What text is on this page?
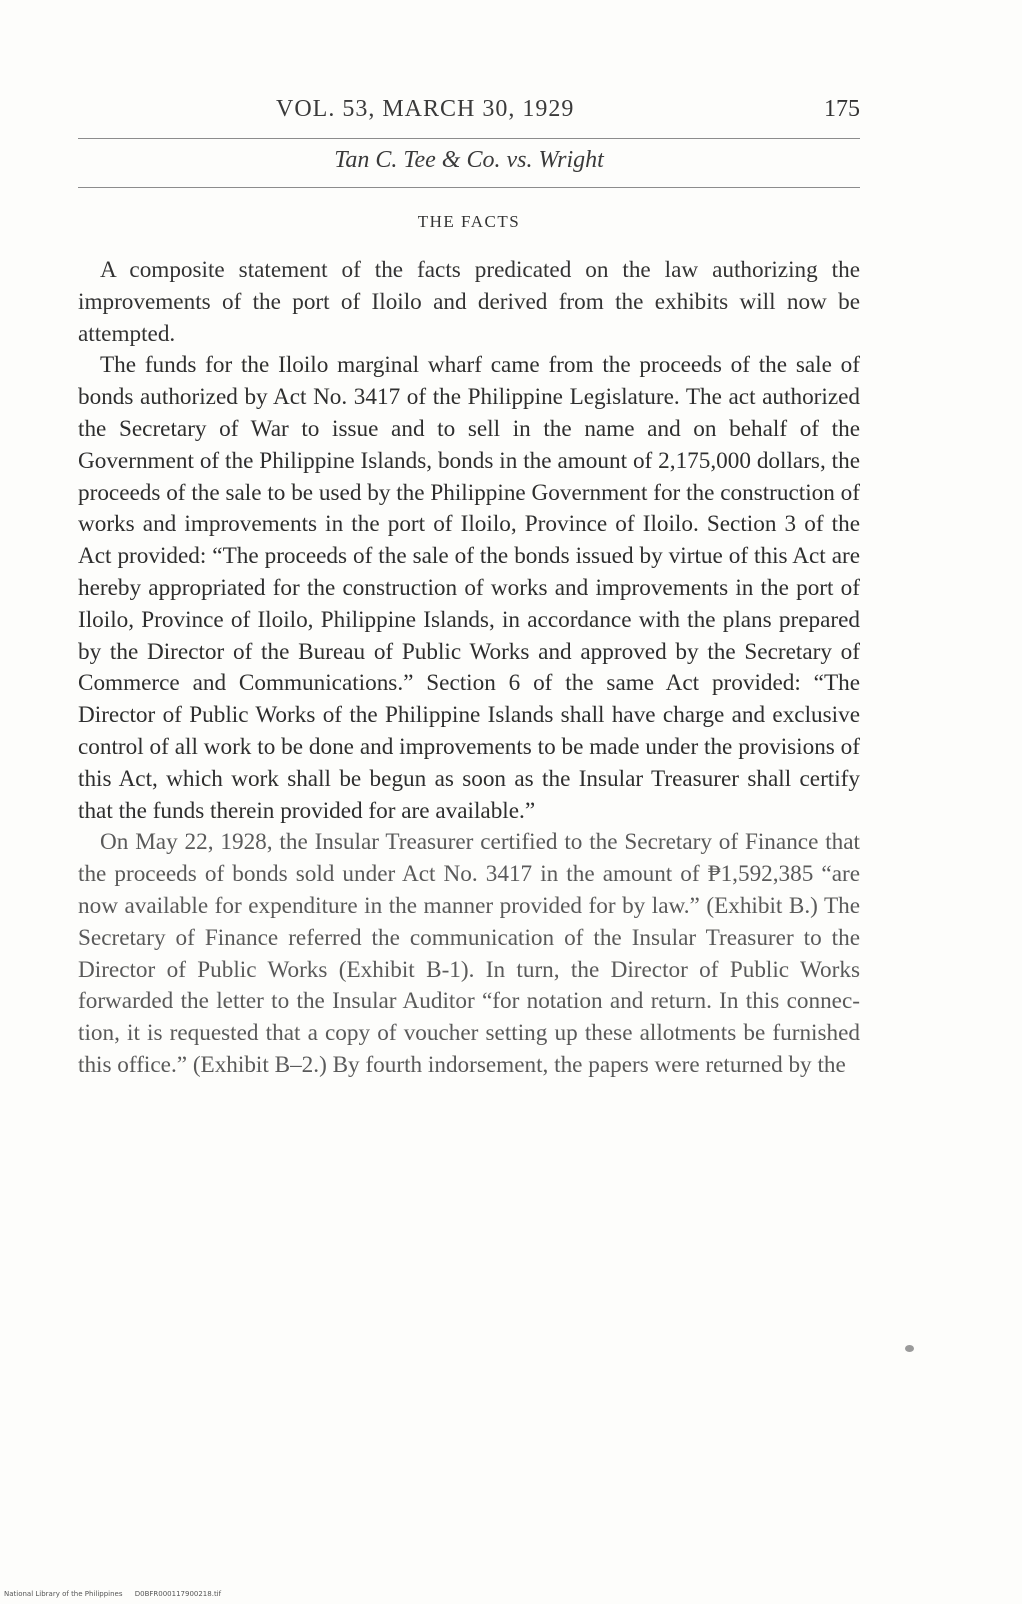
VOL. 53, MARCH 30, 1929	175
Tan C. Tee & Co. vs. Wright
THE FACTS

A composite statement of the facts predicated on the law authorizing the improvements of the port of Iloilo and derived from the exhibits will now be attempted.

The funds for the Iloilo marginal wharf came from the proceeds of the sale of bonds authorized by Act No. 3417 of the Philippine Legislature. The act authorized the Secretary of War to issue and to sell in the name and on behalf of the Government of the Philippine Islands, bonds in the amount of 2,175,000 dollars, the proceeds of the sale to be used by the Philippine Government for the construction of works and improvements in the port of Iloilo, Province of Iloilo. Section 3 of the Act provided: “The proceeds of the sale of the bonds issued by virtue of this Act are hereby appropriated for the construction of works and improvements in the port of Iloilo, Province of Iloilo, Philippine Islands, in accordance with the plans prepared by the Director of the Bureau of Public Works and approved by the Secretary of Commerce and Communications.” Section 6 of the same Act provided: “The Director of Public Works of the Philippine Islands shall have charge and exclusive control of all work to be done and improvements to be made under the provisions of this Act, which work shall be begun as soon as the Insular Treasurer shall certify that the funds therein provided for are available.”

On May 22, 1928, the Insular Treasurer certified to the Secretary of Finance that the proceeds of bonds sold under Act No. 3417 in the amount of ₱1,592,385 “are now available for expenditure in the manner provided for by law.” (Exhibit B.) The Secretary of Finance referred the communication of the Insular Treasurer to the Director of Public Works (Exhibit B-1). In turn, the Director of Public Works forwarded the letter to the Insular Auditor “for notation and return. In this connection, it is requested that a copy of voucher setting up these allotments be furnished this office.” (Exhibit B–2.) By fourth indorsement, the papers were returned by the

National Library of the Philippines D0BFR000117900218.tif
